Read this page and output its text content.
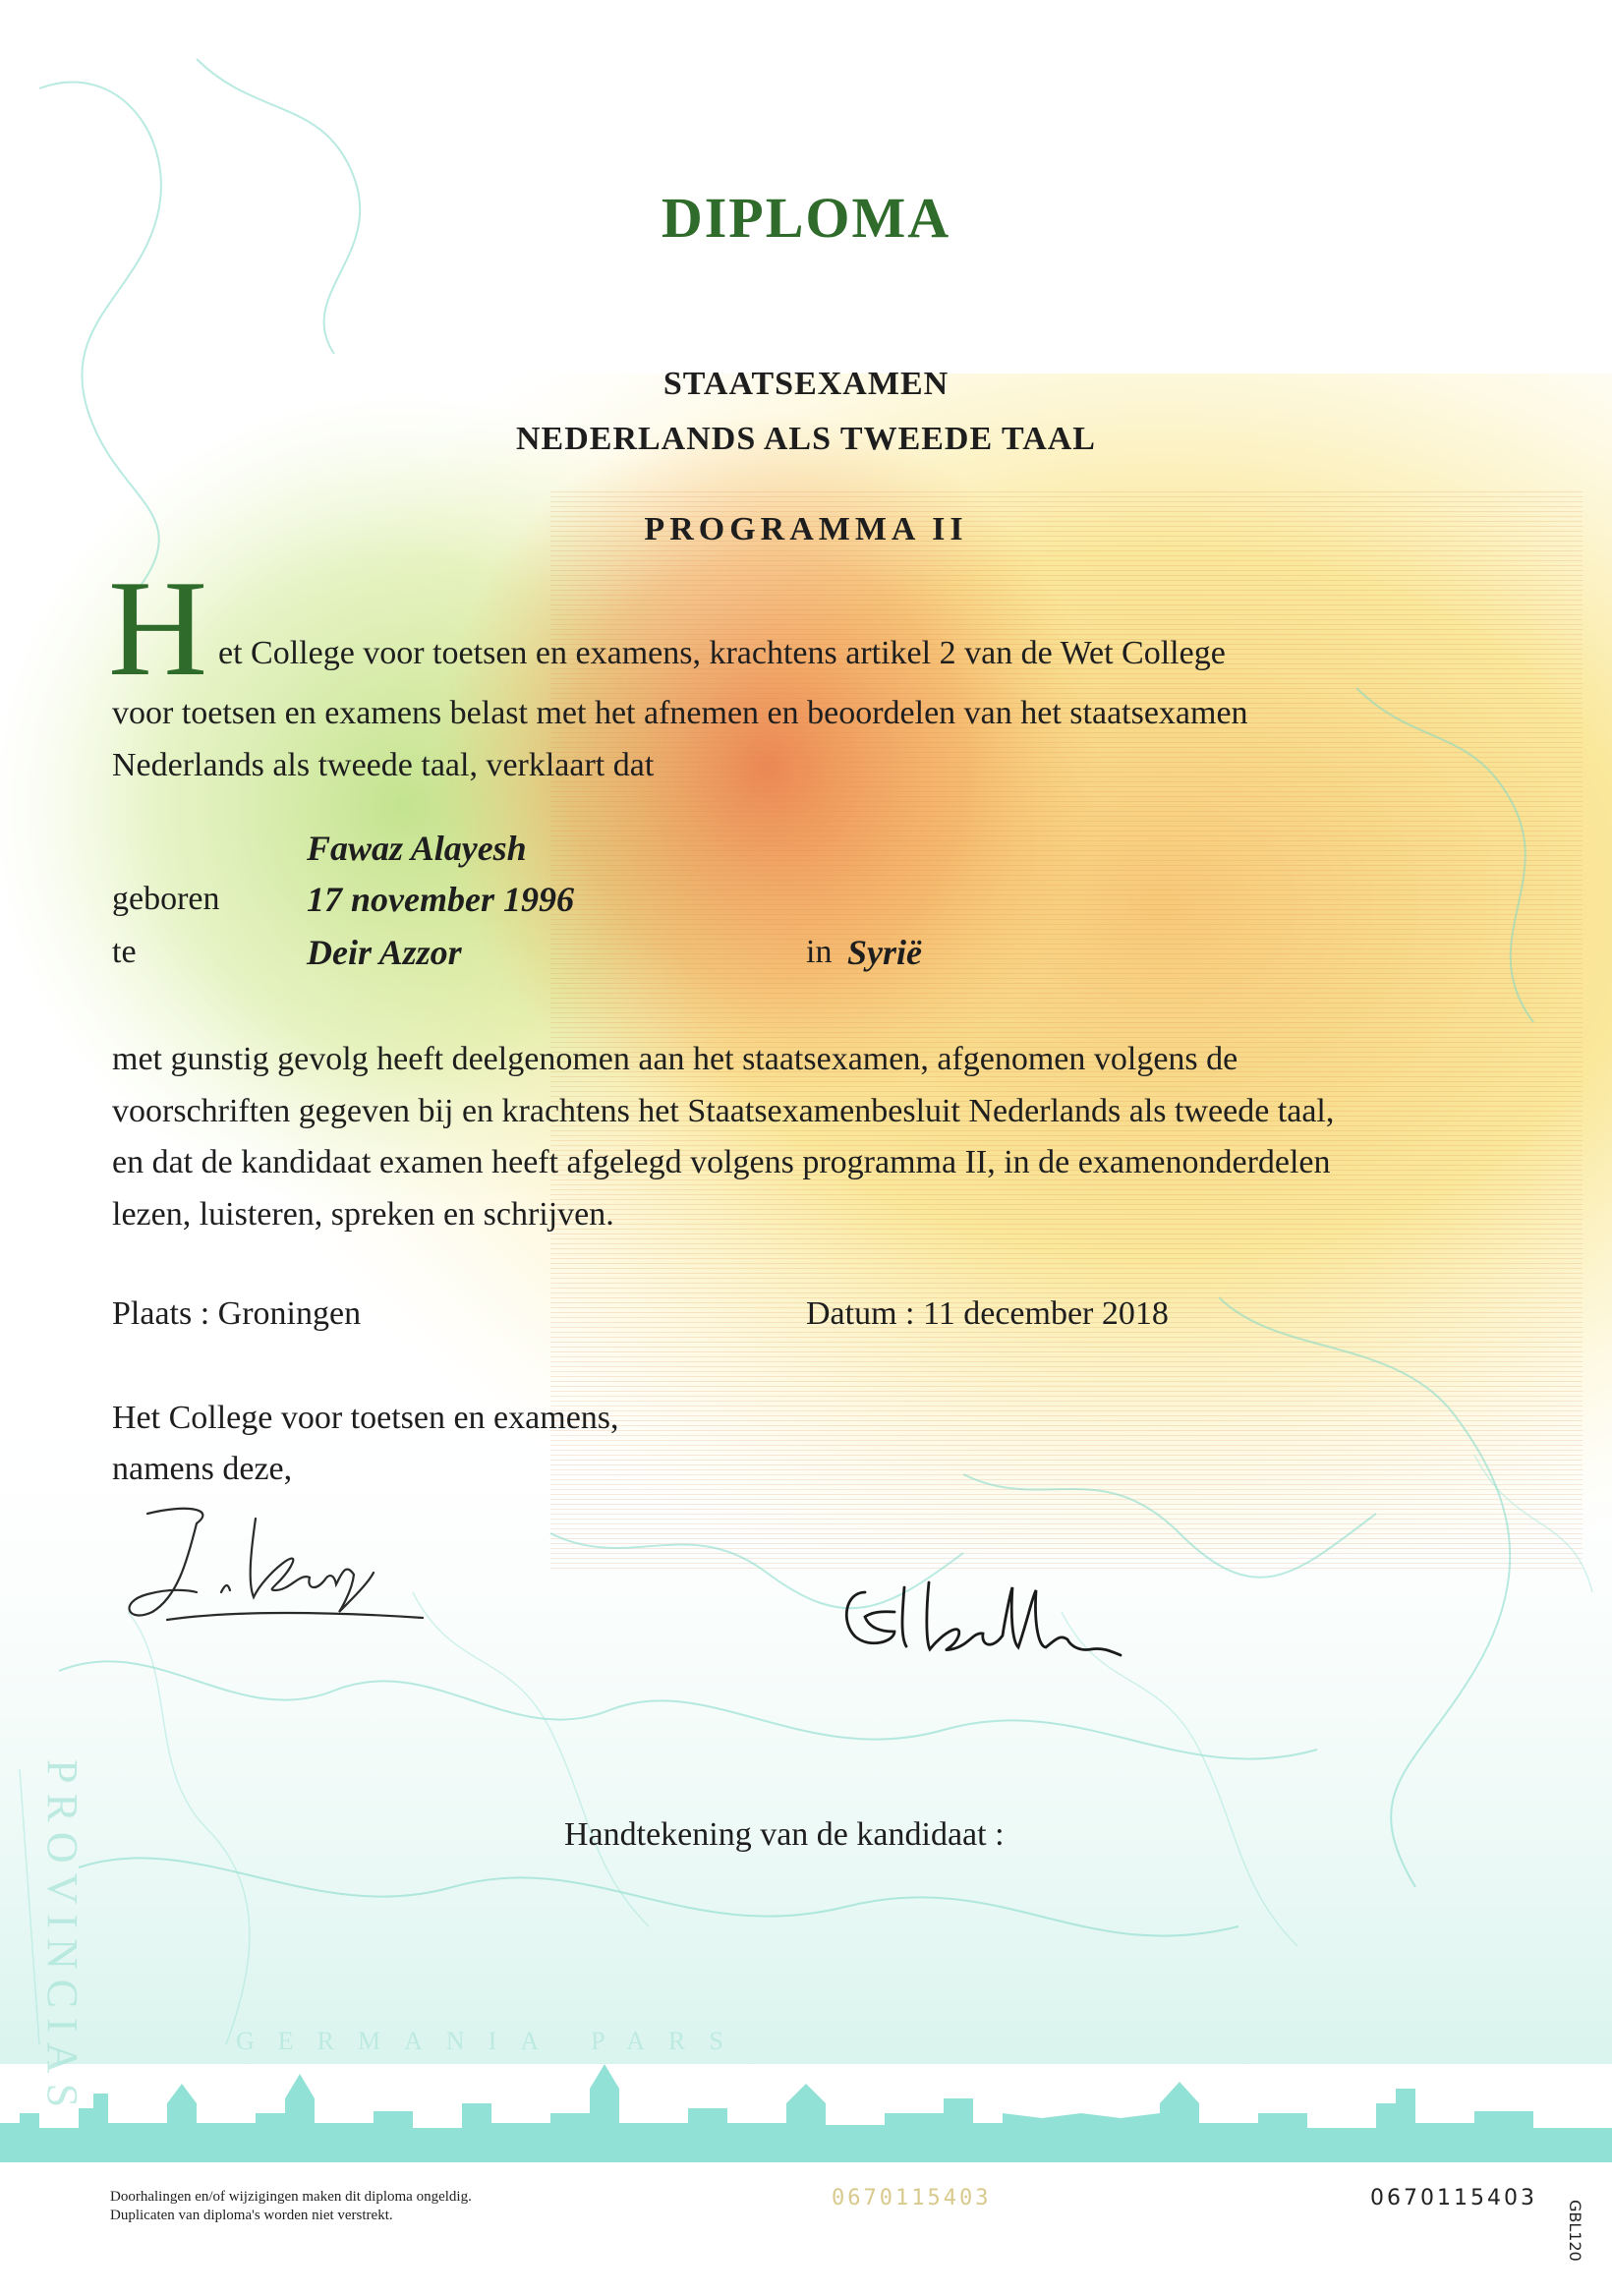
PROVINCIAS	GERMANIA PARS
DIPLOMA
STAATSEXAMEN
NEDERLANDS ALS TWEEDE TAAL
PROGRAMMA II
H et College voor toetsen en examens, krachtens artikel 2 van de Wet College
voor toetsen en examens belast met het afnemen en beoordelen van het staatsexamen
Nederlands als tweede taal, verklaart dat
Fawaz Alayesh
geboren 17 november 1996
te	Deir Azzor	in Syrië
met gunstig gevolg heeft deelgenomen aan het staatsexamen, afgenomen volgens de
voorschriften gegeven bij en krachtens het Staatsexamenbesluit Nederlands als tweede taal,
en dat de kandidaat examen heeft afgelegd volgens programma II, in de examenonderdelen
lezen, luisteren, spreken en schrijven.
Plaats : Groningen	Datum : 11 december 2018
Het College voor toetsen en examens,
namens deze,
Handtekening van de kandidaat :
Doorhalingen en/of wijzigingen maken dit diploma ongeldig.
Duplicaten van diploma's worden niet verstrekt.
0670115403	0670115403
GBL120
